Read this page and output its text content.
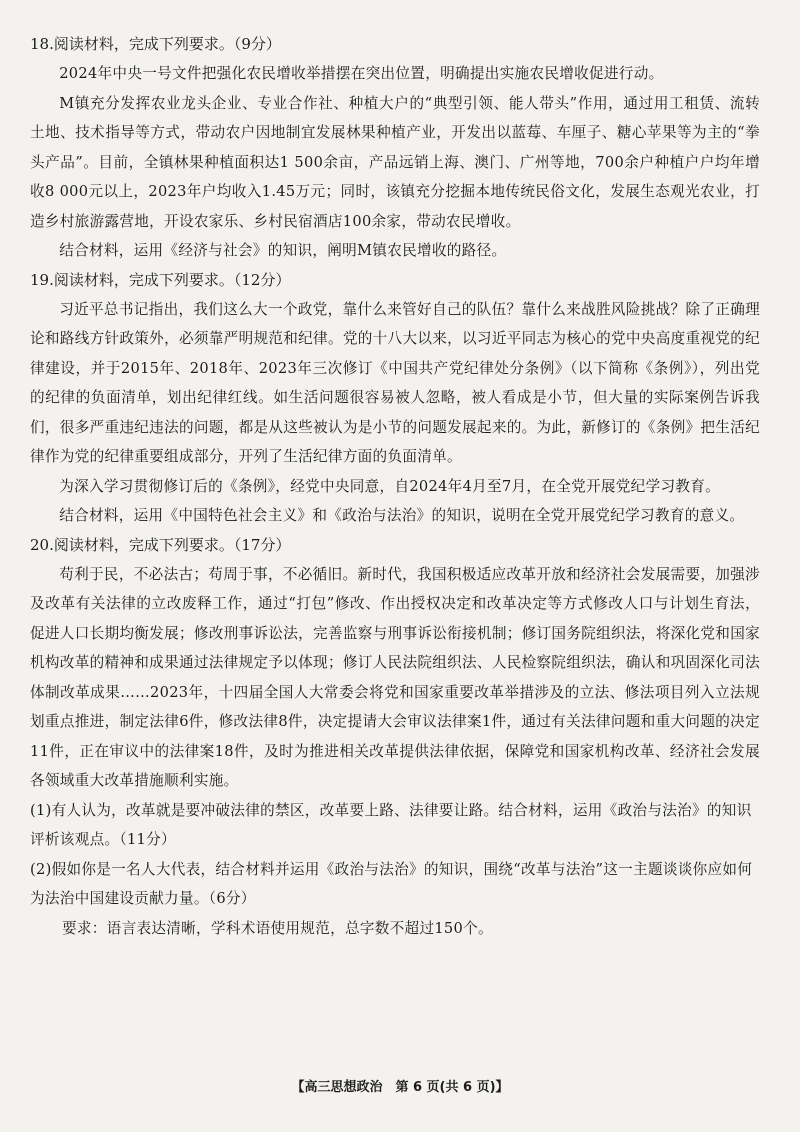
18.阅读材料，完成下列要求。（9分）

2024年中央一号文件把强化农民增收举措摆在突出位置，明确提出实施农民增收促进行动。

M镇充分发挥农业龙头企业、专业合作社、种植大户的“典型引领、能人带头”作用，通过用工租赁、流转土地、技术指导等方式，带动农户因地制宜发展林果种植产业，开发出以蓝莓、车厘子、糖心苹果等为主的“拳头产品”。目前，全镇林果种植面积达1 500余亩，产品远销上海、澳门、广州等地，700余户种植户户均年增收8 000元以上，2023年户均收入1.45万元；同时，该镇充分挖掘本地传统民俗文化，发展生态观光农业，打造乡村旅游露营地，开设农家乐、乡村民宿酒店100余家，带动农民增收。

结合材料，运用《经济与社会》的知识，阐明M镇农民增收的路径。

19.阅读材料，完成下列要求。（12分）

习近平总书记指出，我们这么大一个政党，靠什么来管好自己的队伍？靠什么来战胜风险挑战？除了正确理论和路线方针政策外，必须靠严明规范和纪律。党的十八大以来，以习近平同志为核心的党中央高度重视党的纪律建设，并于2015年、2018年、2023年三次修订《中国共产党纪律处分条例》（以下简称《条例》），列出党的纪律的负面清单，划出纪律红线。如生活问题很容易被人忽略，被人看成是小节，但大量的实际案例告诉我们，很多严重违纪违法的问题，都是从这些被认为是小节的问题发展起来的。为此，新修订的《条例》把生活纪律作为党的纪律重要组成部分，开列了生活纪律方面的负面清单。

为深入学习贯彻修订后的《条例》，经党中央同意，自2024年4月至7月，在全党开展党纪学习教育。

结合材料，运用《中国特色社会主义》和《政治与法治》的知识，说明在全党开展党纪学习教育的意义。

20.阅读材料，完成下列要求。（17分）

苟利于民，不必法古；苟周于事，不必循旧。新时代，我国积极适应改革开放和经济社会发展需要，加强涉及改革有关法律的立改废释工作，通过“打包”修改、作出授权决定和改革决定等方式修改人口与计划生育法，促进人口长期均衡发展；修改刑事诉讼法，完善监察与刑事诉讼衔接机制；修订国务院组织法，将深化党和国家机构改革的精神和成果通过法律规定予以体现；修订人民法院组织法、人民检察院组织法，确认和巩固深化司法体制改革成果……2023年，十四届全国人大常委会将党和国家重要改革举措涉及的立法、修法项目列入立法规划重点推进，制定法律6件，修改法律8件，决定提请大会审议法律案1件，通过有关法律问题和重大问题的决定11件，正在审议中的法律案18件，及时为推进相关改革提供法律依据，保障党和国家机构改革、经济社会发展各领域重大改革措施顺利实施。

(1)有人认为，改革就是要冲破法律的禁区，改革要上路、法律要让路。结合材料，运用《政治与法治》的知识评析该观点。（11分）

(2)假如你是一名人大代表，结合材料并运用《政治与法治》的知识，围绕“改革与法治”这一主题谈谈你应如何为法治中国建设贡献力量。（6分）

要求：语言表达清晰，学科术语使用规范，总字数不超过150个。

【高三思想政治　第 6 页(共 6 页)】
